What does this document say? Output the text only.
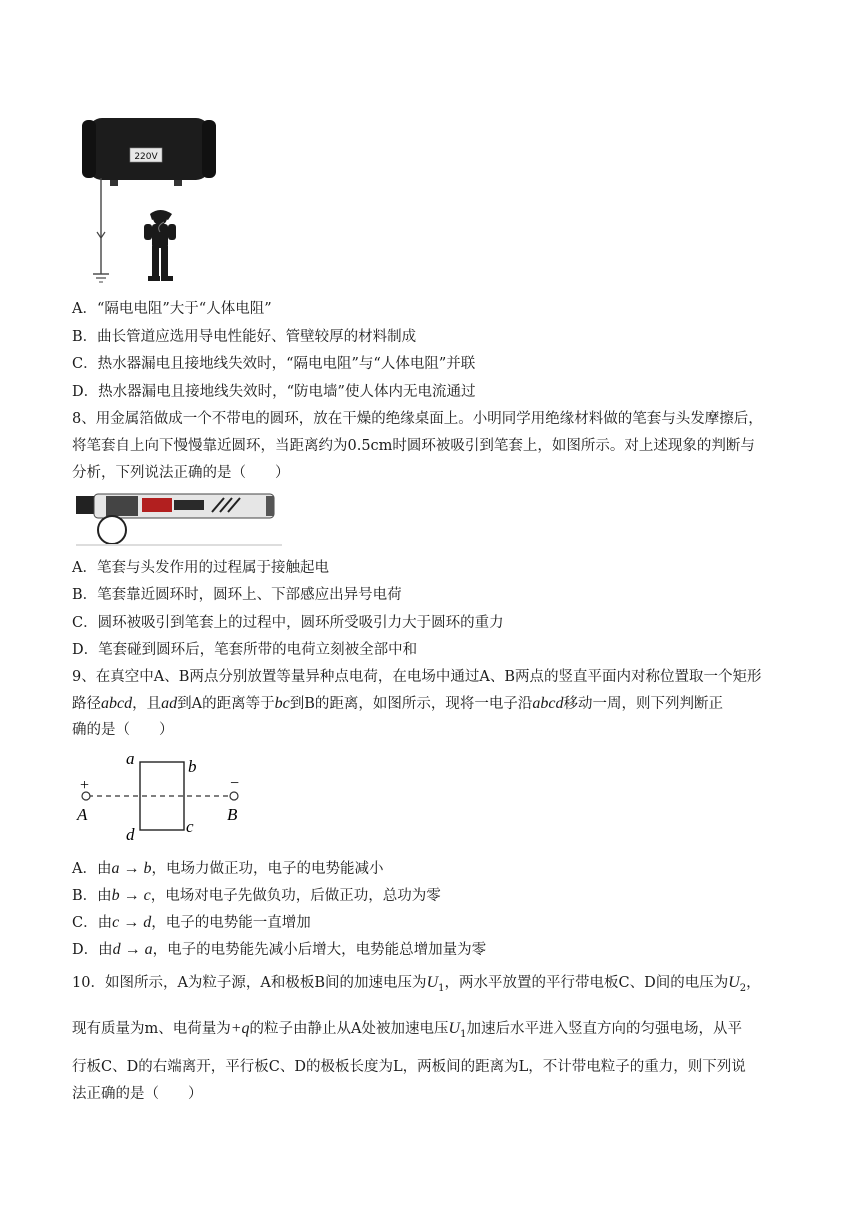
220V
A．“隔电电阻”大于“人体电阻”
B．曲长管道应选用导电性能好、管壁较厚的材料制成
C．热水器漏电且接地线失效时，“隔电电阻”与“人体电阻”并联
D．热水器漏电且接地线失效时，“防电墙”使人体内无电流通过
8、用金属箔做成一个不带电的圆环，放在干燥的绝缘桌面上。小明同学用绝缘材料做的笔套与头发摩擦后，
将笔套自上向下慢慢靠近圆环，当距离约为0.5cm时圆环被吸引到笔套上，如图所示。对上述现象的判断与
分析，下列说法正确的是（　　）
A．笔套与头发作用的过程属于接触起电
B．笔套靠近圆环时，圆环上、下部感应出异号电荷
C．圆环被吸引到笔套上的过程中，圆环所受吸引力大于圆环的重力
D．笔套碰到圆环后，笔套所带的电荷立刻被全部中和
9、在真空中A、B两点分别放置等量异种点电荷，在电场中通过A、B两点的竖直平面内对称位置取一个矩形
路径abcd，且ad到A的距离等于bc到B的距离，如图所示，现将一电子沿abcd移动一周，则下列判断正
确的是（　　）
+	−
A	B
a	b
c
d
A．由a → b，电场力做正功，电子的电势能减小
B．由b → c，电场对电子先做负功，后做正功，总功为零
C．由c → d，电子的电势能一直增加
D．由d → a，电子的电势能先减小后增大，电势能总增加量为零
10．如图所示，A为粒子源，A和极板B间的加速电压为$U_1$，两水平放置的平行带电板C、D间的电压为$U_2$，
现有质量为m、电荷量为+q的粒子由静止从A处被加速电压$U_1$加速后水平进入竖直方向的匀强电场，从平
行板C、D的右端离开，平行板C、D的极板长度为L，两板间的距离为L，不计带电粒子的重力，则下列说
法正确的是（　　）
